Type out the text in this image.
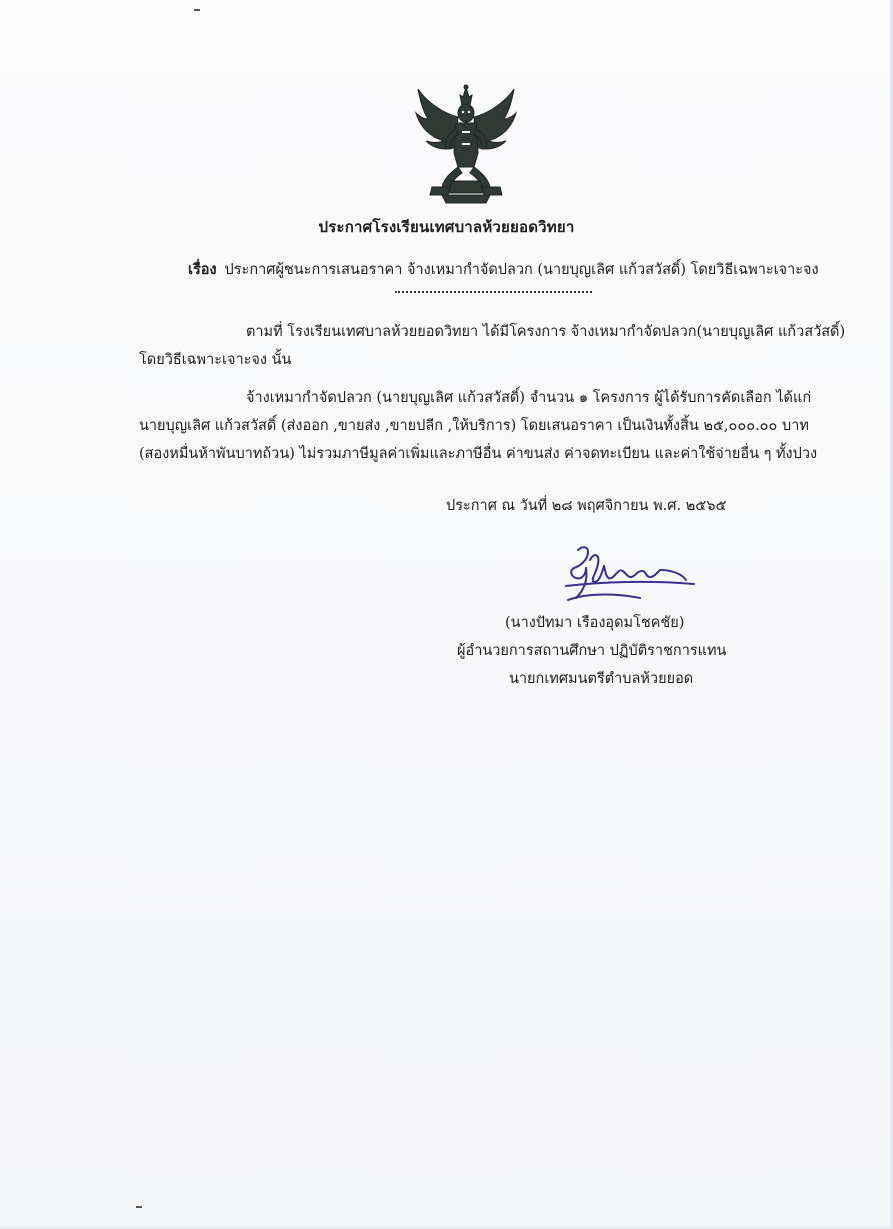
ประกาศโรงเรียนเทศบาลห้วยยอดวิทยา
เรื่อง ประกาศผู้ชนะการเสนอราคา จ้างเหมากำจัดปลวก (นายบุญเลิศ แก้วสวัสดิ์) โดยวิธีเฉพาะเจาะจง
ตามที่ โรงเรียนเทศบาลห้วยยอดวิทยา ได้มีโครงการ จ้างเหมากำจัดปลวก(นายบุญเลิศ แก้วสวัสดิ์)
โดยวิธีเฉพาะเจาะจง นั้น
จ้างเหมากำจัดปลวก (นายบุญเลิศ แก้วสวัสดิ์) จำนวน ๑ โครงการ ผู้ได้รับการคัดเลือก ได้แก่
นายบุญเลิศ แก้วสวัสดิ์ (ส่งออก ,ขายส่ง ,ขายปลีก ,ให้บริการ) โดยเสนอราคา เป็นเงินทั้งสิ้น ๒๕,๐๐๐.๐๐ บาท
(สองหมื่นห้าพันบาทถ้วน) ไม่รวมภาษีมูลค่าเพิ่มและภาษีอื่น ค่าขนส่ง ค่าจดทะเบียน และค่าใช้จ่ายอื่น ๆ ทั้งปวง
ประกาศ ณ วันที่ ๒๘ พฤศจิกายน พ.ศ. ๒๕๖๕
(นางปัทมา เรืองอุดมโชคชัย)
ผู้อำนวยการสถานศึกษา ปฏิบัติราชการแทน
นายกเทศมนตรีตำบลห้วยยอด
